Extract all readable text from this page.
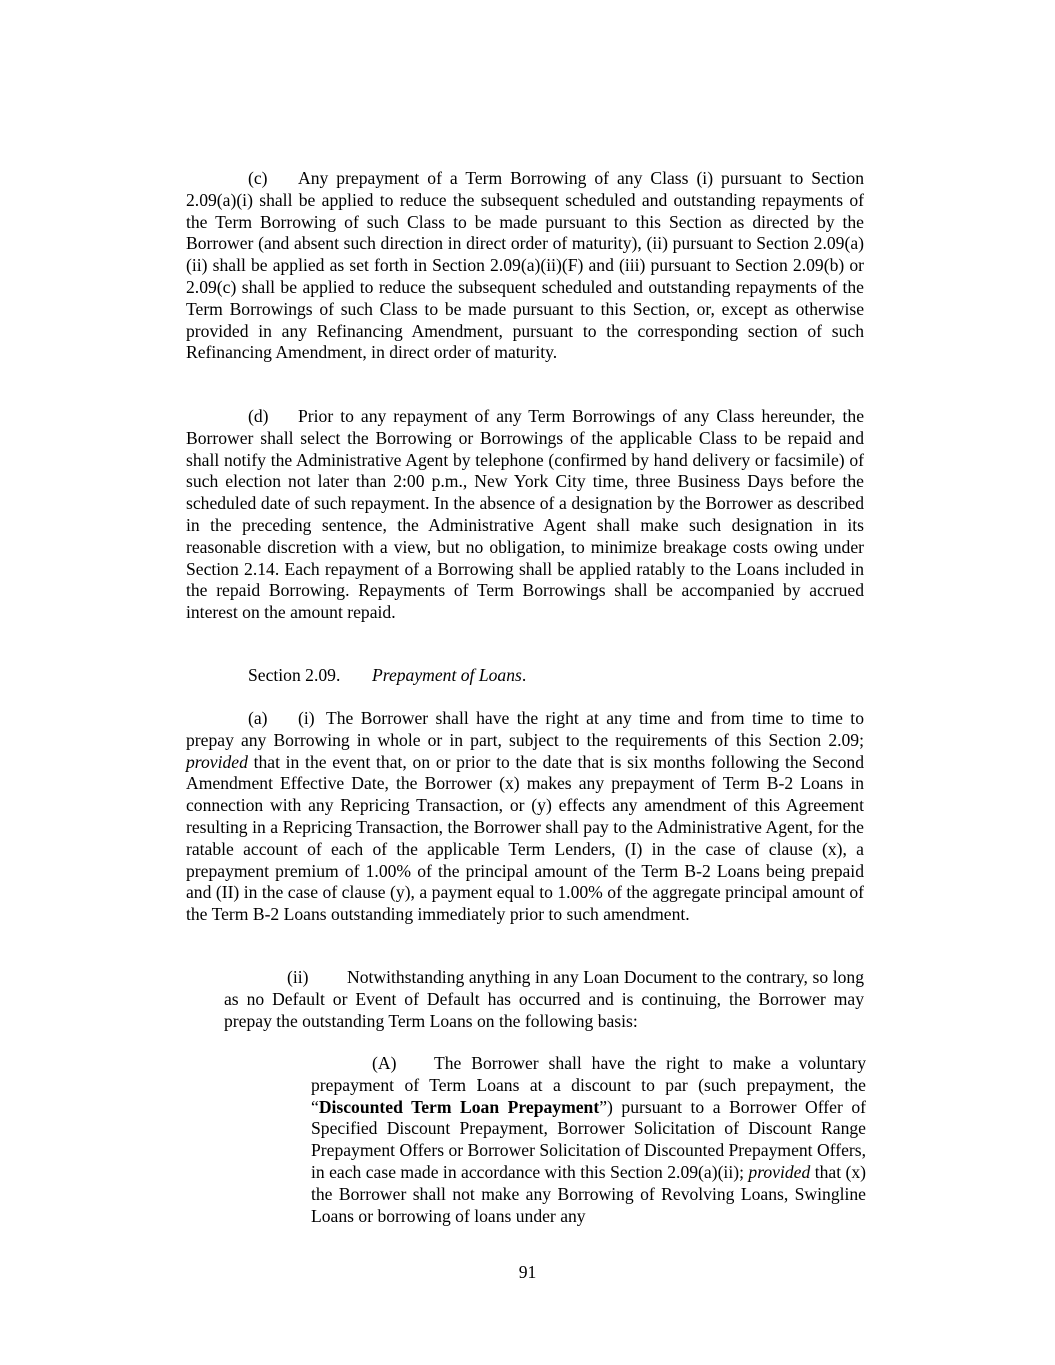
(c) Any prepayment of a Term Borrowing of any Class (i) pursuant to Section 2.09(a)(i) shall be applied to reduce the subsequent scheduled and outstanding repayments of the Term Borrowing of such Class to be made pursuant to this Section as directed by the Borrower (and absent such direction in direct order of maturity), (ii) pursuant to Section 2.09(a)(ii) shall be applied as set forth in Section 2.09(a)(ii)(F) and (iii) pursuant to Section 2.09(b) or 2.09(c) shall be applied to reduce the subsequent scheduled and outstanding repayments of the Term Borrowings of such Class to be made pursuant to this Section, or, except as otherwise provided in any Refinancing Amendment, pursuant to the corresponding section of such Refinancing Amendment, in direct order of maturity.

(d) Prior to any repayment of any Term Borrowings of any Class hereunder, the Borrower shall select the Borrowing or Borrowings of the applicable Class to be repaid and shall notify the Administrative Agent by telephone (confirmed by hand delivery or facsimile) of such election not later than 2:00 p.m., New York City time, three Business Days before the scheduled date of such repayment. In the absence of a designation by the Borrower as described in the preceding sentence, the Administrative Agent shall make such designation in its reasonable discretion with a view, but no obligation, to minimize breakage costs owing under Section 2.14. Each repayment of a Borrowing shall be applied ratably to the Loans included in the repaid Borrowing. Repayments of Term Borrowings shall be accompanied by accrued interest on the amount repaid.

Section 2.09. Prepayment of Loans.

(a) (i) The Borrower shall have the right at any time and from time to time to prepay any Borrowing in whole or in part, subject to the requirements of this Section 2.09; provided that in the event that, on or prior to the date that is six months following the Second Amendment Effective Date, the Borrower (x) makes any prepayment of Term B-2 Loans in connection with any Repricing Transaction, or (y) effects any amendment of this Agreement resulting in a Repricing Transaction, the Borrower shall pay to the Administrative Agent, for the ratable account of each of the applicable Term Lenders, (I) in the case of clause (x), a prepayment premium of 1.00% of the principal amount of the Term B-2 Loans being prepaid and (II) in the case of clause (y), a payment equal to 1.00% of the aggregate principal amount of the Term B-2 Loans outstanding immediately prior to such amendment.

(ii) Notwithstanding anything in any Loan Document to the contrary, so long as no Default or Event of Default has occurred and is continuing, the Borrower may prepay the outstanding Term Loans on the following basis:

(A) The Borrower shall have the right to make a voluntary prepayment of Term Loans at a discount to par (such prepayment, the “Discounted Term Loan Prepayment”) pursuant to a Borrower Offer of Specified Discount Prepayment, Borrower Solicitation of Discount Range Prepayment Offers or Borrower Solicitation of Discounted Prepayment Offers, in each case made in accordance with this Section 2.09(a)(ii); provided that (x) the Borrower shall not make any Borrowing of Revolving Loans, Swingline Loans or borrowing of loans under any

91
